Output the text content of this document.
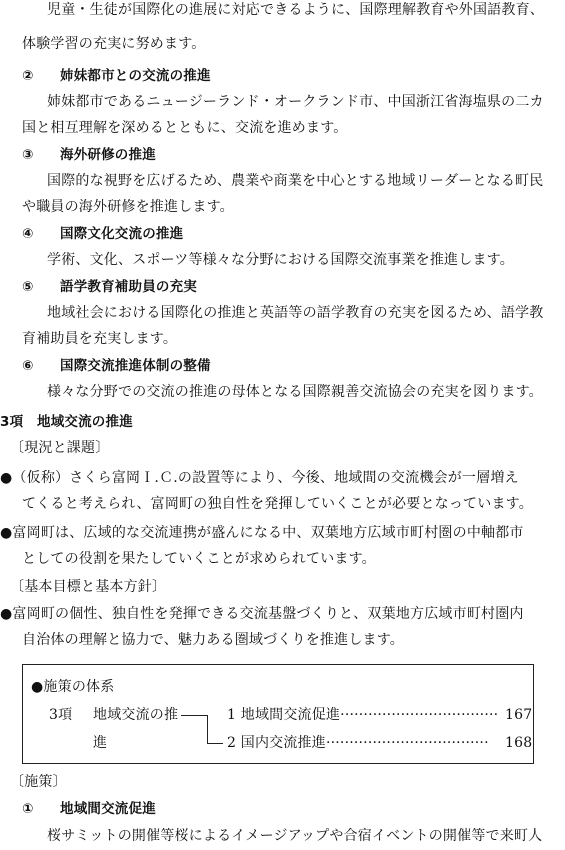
児童・生徒が国際化の進展に対応できるように、国際理解教育や外国語教育、
体験学習の充実に努めます。
② 姉妹都市との交流の推進
姉妹都市であるニュージーランド・オークランド市、中国浙江省海塩県の二カ
国と相互理解を深めるとともに、交流を進めます。
③ 海外研修の推進
国際的な視野を広げるため、農業や商業を中心とする地域リーダーとなる町民
や職員の海外研修を推進します。
④ 国際文化交流の推進
学術、文化、スポーツ等様々な分野における国際交流事業を推進します。
⑤ 語学教育補助員の充実
地域社会における国際化の推進と英語等の語学教育の充実を図るため、語学教
育補助員を充実します。
⑥ 国際交流推進体制の整備
様々な分野での交流の推進の母体となる国際親善交流協会の充実を図ります。
3項　地域交流の推進
〔現況と課題〕
●（仮称）さくら富岡Ｉ.Ｃ.の設置等により、今後、地域間の交流機会が一層増え
てくると考えられ、富岡町の独自性を発揮していくことが必要となっています。
●富岡町は、広域的な交流連携が盛んになる中、双葉地方広域市町村圏の中軸都市
としての役割を果たしていくことが求められています。
〔基本目標と基本方針〕
●富岡町の個性、独自性を発揮できる交流基盤づくりと、双葉地方広域市町村圏内
自治体の理解と協力で、魅力ある圏域づくりを推進します。
●施策の体系
3項 地域交流の推
進
1 地域間交流促進·································· 167
2 国内交流推進··································· 168
〔施策〕
① 地域間交流促進
桜サミットの開催等桜によるイメージアップや合宿イベントの開催等で来町人
